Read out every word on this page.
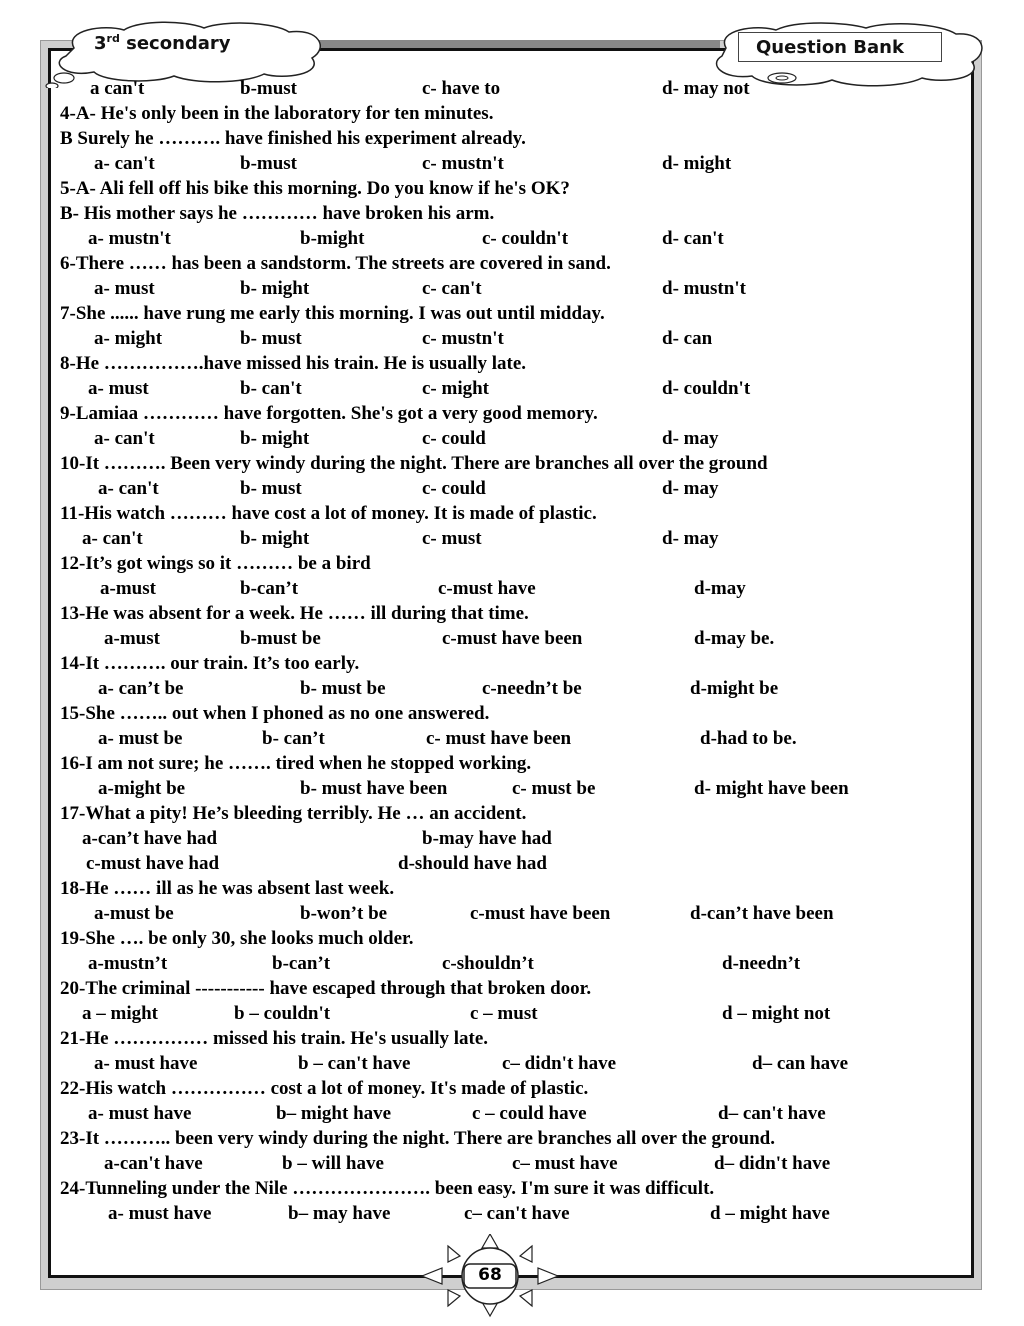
3rd secondary	Question Bank
a can't	b-must	c- have to	d- may not
4-A- He's only been in the laboratory for ten minutes.
B Surely he ………. have finished his experiment already.
a- can't	b-must	c- mustn't	d- might
5-A- Ali fell off his bike this morning. Do you know if he's OK?
B- His mother says he ………… have broken his arm.
a- mustn't	b-might	c- couldn't	d- can't
6-There …… has been a sandstorm. The streets are covered in sand.
a- must	b- might	c- can't	d- mustn't
7-She ...... have rung me early this morning. I was out until midday.
a- might	b- must	c- mustn't	d- can
8-He …………….have missed his train. He is usually late.
a- must	b- can't	c- might	d- couldn't
9-Lamiaa ………… have forgotten. She's got a very good memory.
a- can't	b- might	c- could	d- may
10-It ………. Been very windy during the night. There are branches all over the ground
a- can't	b- must	c- could	d- may
11-His watch ……… have cost a lot of money. It is made of plastic.
a- can't	b- might	c- must	d- may
12-It’s got wings so it ……… be a bird
a-must	b-can’t	c-must have	d-may
13-He was absent for a week. He …… ill during that time.
a-must	b-must be	c-must have been	d-may be.
14-It ………. our train. It’s too early.
a- can’t be	b- must be	c-needn’t be	d-might be
15-She …….. out when I phoned as no one answered.
a- must be	b- can’t	c- must have been	d-had to be.
16-I am not sure; he ……. tired when he stopped working.
a-might be	b- must have been	c- must be	d- might have been
17-What a pity! He’s bleeding terribly. He … an accident.
a-can’t have had	b-may have had
c-must have had	d-should have had
18-He …… ill as he was absent last week.
a-must be	b-won’t be	c-must have been	d-can’t have been
19-She …. be only 30, she looks much older.
a-mustn’t	b-can’t	c-shouldn’t	d-needn’t
20-The criminal ----------- have escaped through that broken door.
a – might	b – couldn't	c – must	d – might not
21-He …………… missed his train. He's usually late.
a- must have	b – can't have	c– didn't have	d– can have
22-His watch …………… cost a lot of money. It's made of plastic.
a- must have	b– might have	c – could have	d– can't have
23-It ……….. been very windy during the night. There are branches all over the ground.
a-can't have	b – will have	c– must have	d– didn't have
24-Tunneling under the Nile …………………. been easy. I'm sure it was difficult.
a- must have	b– may have	c– can't have	d – might have
68
